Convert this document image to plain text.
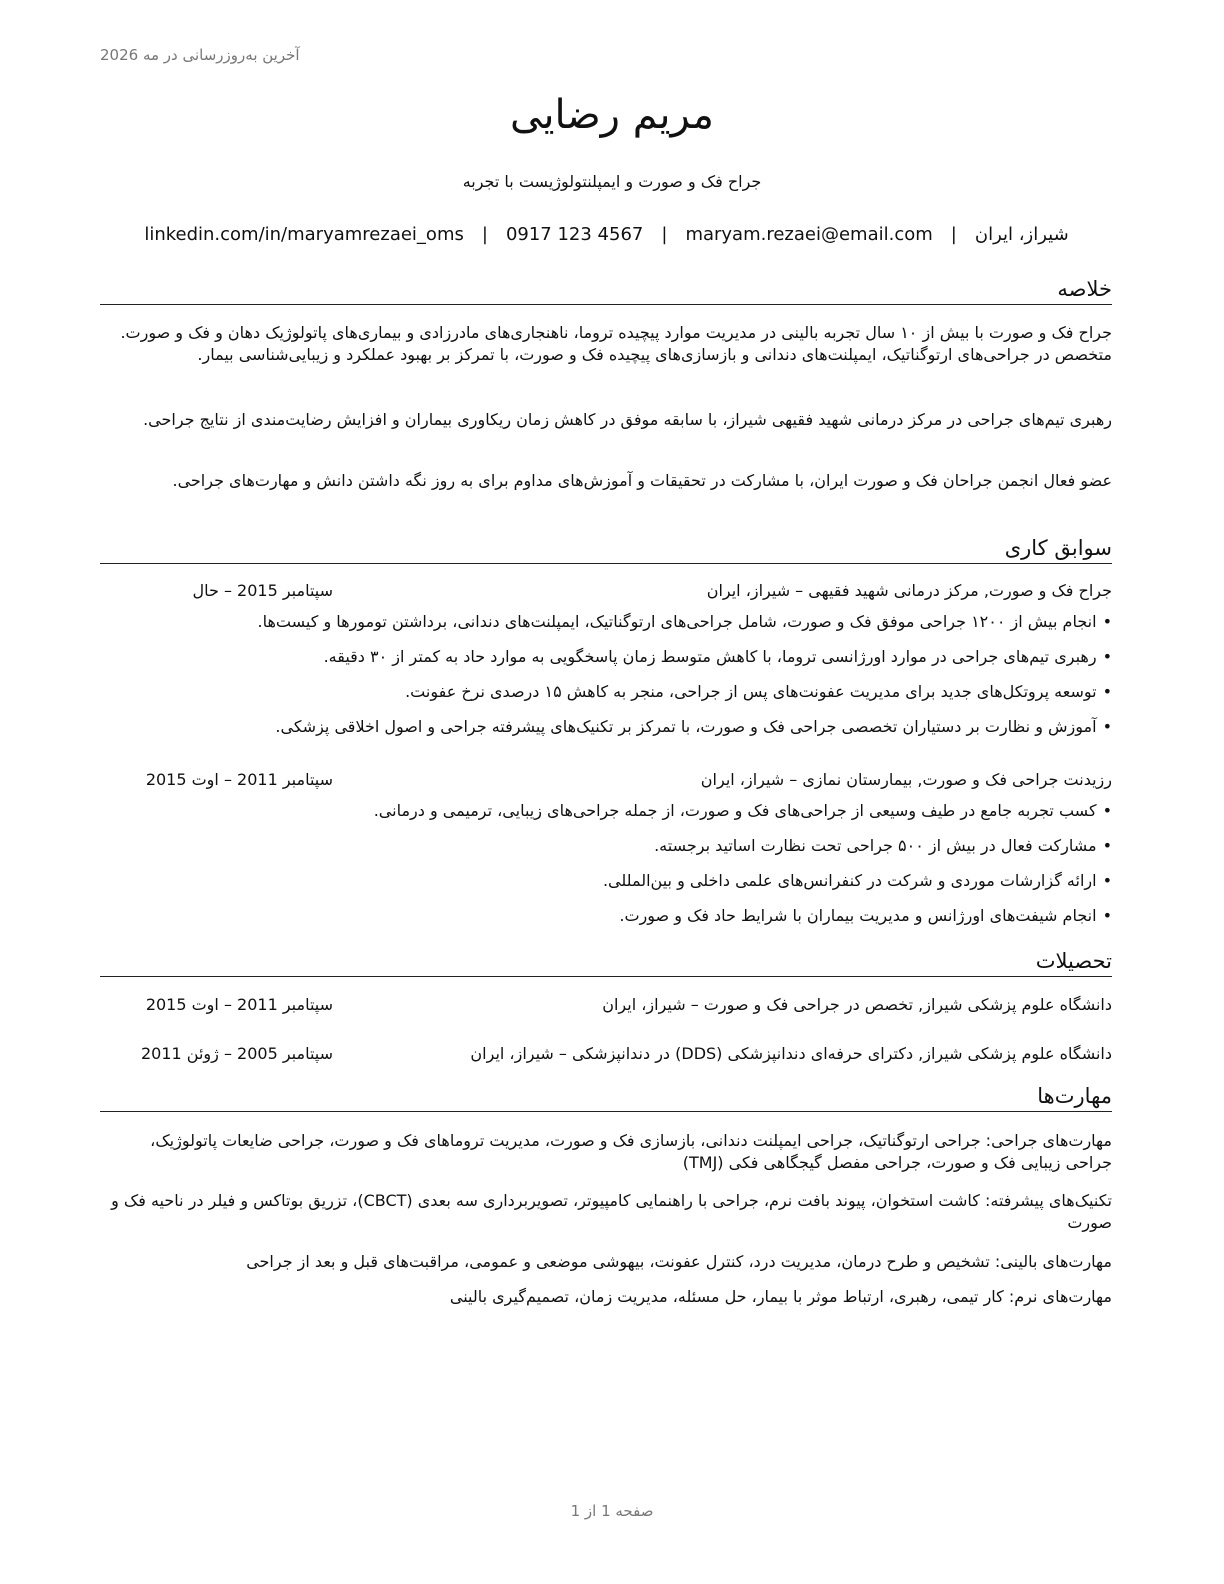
آخرین به‌روزرسانی در مه 2026
مریم رضایی
جراح فک و صورت و ایمپلنتولوژیست با تجربه
شیراز، ایران
|
maryam.rezaei@email.com
|
0917 123 4567
|
linkedin.com/in/maryamrezaei_oms
خلاصه

جراح فک و صورت با بیش از ۱۰ سال تجربه بالینی در مدیریت موارد پیچیده تروما، ناهنجاری‌های مادرزادی و بیماری‌های پاتولوژیک دهان و فک و صورت. متخصص در جراحی‌های ارتوگناتیک، ایمپلنت‌های دندانی و بازسازی‌های پیچیده فک و صورت، با تمرکز بر بهبود عملکرد و زیبایی‌شناسی بیمار.

رهبری تیم‌های جراحی در مرکز درمانی شهید فقیهی شیراز، با سابقه موفق در کاهش زمان ریکاوری بیماران و افزایش رضایت‌مندی از نتایج جراحی.

عضو فعال انجمن جراحان فک و صورت ایران، با مشارکت در تحقیقات و آموزش‌های مداوم برای به روز نگه داشتن دانش و مهارت‌های جراحی.

سوابق کاری
جراح فک و صورت, مرکز درمانی شهید فقیهی – شیراز، ایران
سپتامبر 2015 – حال
•انجام بیش از ۱۲۰۰ جراحی موفق فک و صورت، شامل جراحی‌های ارتوگناتیک، ایمپلنت‌های دندانی، برداشتن تومورها و کیست‌ها.
•رهبری تیم‌های جراحی در موارد اورژانسی تروما، با کاهش متوسط زمان پاسخگویی به موارد حاد به کمتر از ۳۰ دقیقه.
•توسعه پروتکل‌های جدید برای مدیریت عفونت‌های پس از جراحی، منجر به کاهش ۱۵ درصدی نرخ عفونت.
•آموزش و نظارت بر دستیاران تخصصی جراحی فک و صورت، با تمرکز بر تکنیک‌های پیشرفته جراحی و اصول اخلاقی پزشکی.
رزیدنت جراحی فک و صورت, بیمارستان نمازی – شیراز، ایران
سپتامبر 2011 – اوت 2015
•کسب تجربه جامع در طیف وسیعی از جراحی‌های فک و صورت، از جمله جراحی‌های زیبایی، ترمیمی و درمانی.
•مشارکت فعال در بیش از ۵۰۰ جراحی تحت نظارت اساتید برجسته.
•ارائه گزارشات موردی و شرکت در کنفرانس‌های علمی داخلی و بین‌المللی.
•انجام شیفت‌های اورژانس و مدیریت بیماران با شرایط حاد فک و صورت.
تحصیلات
دانشگاه علوم پزشکی شیراز, تخصص در جراحی فک و صورت – شیراز، ایران
سپتامبر 2011 – اوت 2015
دانشگاه علوم پزشکی شیراز, دکترای حرفه‌ای دندانپزشکی (DDS) در دندانپزشکی – شیراز، ایران
سپتامبر 2005 – ژوئن 2011
مهارت‌ها

مهارت‌های جراحی: جراحی ارتوگناتیک، جراحی ایمپلنت دندانی، بازسازی فک و صورت، مدیریت تروماهای فک و صورت، جراحی ضایعات پاتولوژیک، جراحی زیبایی فک و صورت، جراحی مفصل گیجگاهی فکی (TMJ)

تکنیک‌های پیشرفته: کاشت استخوان، پیوند بافت نرم، جراحی با راهنمایی کامپیوتر، تصویربرداری سه بعدی (CBCT)، تزریق بوتاکس و فیلر در ناحیه فک و صورت

مهارت‌های بالینی: تشخیص و طرح درمان، مدیریت درد، کنترل عفونت، بیهوشی موضعی و عمومی، مراقبت‌های قبل و بعد از جراحی

مهارت‌های نرم: کار تیمی، رهبری، ارتباط موثر با بیمار، حل مسئله، مدیریت زمان، تصمیم‌گیری بالینی

صفحه 1 از 1
